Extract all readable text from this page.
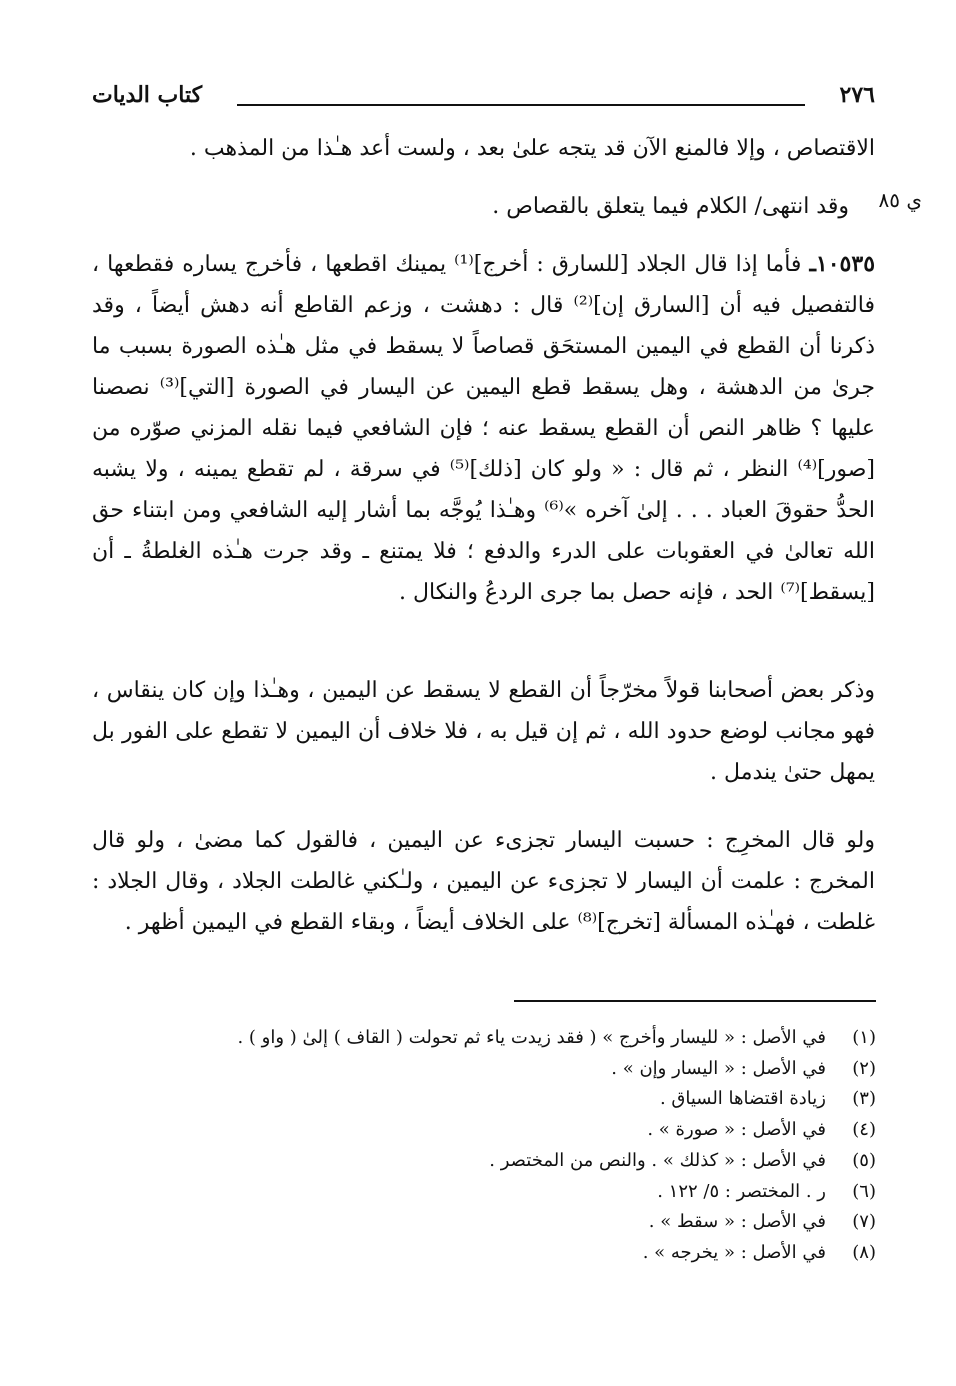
٢٧٦
كتاب الديات
ي ٨٥

الاقتصاص ، وإلا فالمنع الآن قد يتجه علىٰ بعد ، ولست أعد هـٰذا من المذهب .

وقد انتهى/ الكلام فيما يتعلق بالقصاص .

١٠٥٣٥ـ فأما إذا قال الجلاد [للسارق : أخرج]⁽¹⁾ يمينك اقطعها ، فأخرج يساره فقطعها ، فالتفصيل فيه أن [السارق إن]⁽²⁾ قال : دهشت ، وزعم القاطع أنه دهش أيضاً ، وقد ذكرنا أن القطع في اليمين المستحَق قصاصاً لا يسقط في مثل هـٰذه الصورة بسبب ما جرىٰ من الدهشة ، وهل يسقط قطع اليمين عن اليسار في الصورة [التي]⁽³⁾ نصصنا عليها ؟ ظاهر النص أن القطع يسقط عنه ؛ فإن الشافعي فيما نقله المزني صوّره من [صور]⁽⁴⁾ النظر ، ثم قال : « ولو كان [ذلك]⁽⁵⁾ في سرقة ، لم تقطع يمينه ، ولا يشبه الحدُّ حقوقَ العباد . . . إلىٰ آخره »⁽⁶⁾ وهـٰذا يُوجَّه بما أشار إليه الشافعي ومن ابتناء حق الله تعالىٰ في العقوبات على الدرء والدفع ؛ فلا يمتنع ـ وقد جرت هـٰذه الغلطةُ ـ أن [يسقط]⁽⁷⁾ الحد ، فإنه حصل بما جرى الردعُ والنكال .

وذكر بعض أصحابنا قولاً مخرّجاً أن القطع لا يسقط عن اليمين ، وهـٰذا وإن كان ينقاس ، فهو مجانب لوضع حدود الله ، ثم إن قيل به ، فلا خلاف أن اليمين لا تقطع على الفور بل يمهل حتىٰ يندمل .

ولو قال المخرِج : حسبت اليسار تجزىء عن اليمين ، فالقول كما مضىٰ ، ولو قال المخرج : علمت أن اليسار لا تجزىء عن اليمين ، ولـٰكني غالطت الجلاد ، وقال الجلاد : غلطت ، فهـٰذه المسألة [تخرج]⁽⁸⁾ على الخلاف أيضاً ، وبقاء القطع في اليمين أظهر .

(١)في الأصل : « لليسار وأخرج » ( فقد زيدت ياء ثم تحولت ( القاف ) إلىٰ ( واو ) .
(٢)في الأصل : « اليسار وإن » .
(٣)زيادة اقتضاها السياق .
(٤)في الأصل : « صورة » .
(٥)في الأصل : « كذلك » . والنص من المختصر .
(٦)ر . المختصر : ٥/ ١٢٢ .
(٧)في الأصل : « سقط » .
(٨)في الأصل : « يخرجه » .
